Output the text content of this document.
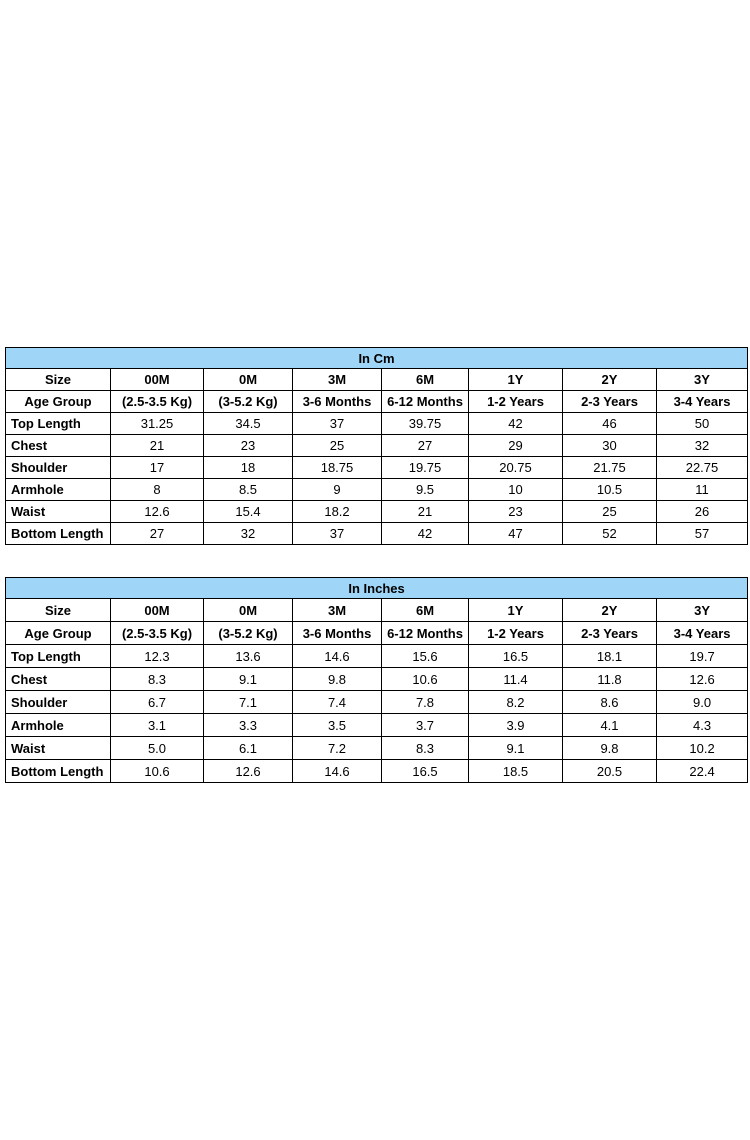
In Cm							
Size	00M	0M	3M	6M	1Y	2Y	3Y
Age Group	(2.5-3.5 Kg)	(3-5.2 Kg)	3-6 Months	6-12 Months	1-2 Years	2-3 Years	3-4 Years
Top Length	31.25	34.5	37	39.75	42	46	50
Chest	21	23	25	27	29	30	32
Shoulder	17	18	18.75	19.75	20.75	21.75	22.75
Armhole	8	8.5	9	9.5	10	10.5	11
Waist	12.6	15.4	18.2	21	23	25	26
Bottom Length	27	32	37	42	47	52	57
In Inches							
Size	00M	0M	3M	6M	1Y	2Y	3Y
Age Group	(2.5-3.5 Kg)	(3-5.2 Kg)	3-6 Months	6-12 Months	1-2 Years	2-3 Years	3-4 Years
Top Length	12.3	13.6	14.6	15.6	16.5	18.1	19.7
Chest	8.3	9.1	9.8	10.6	11.4	11.8	12.6
Shoulder	6.7	7.1	7.4	7.8	8.2	8.6	9.0
Armhole	3.1	3.3	3.5	3.7	3.9	4.1	4.3
Waist	5.0	6.1	7.2	8.3	9.1	9.8	10.2
Bottom Length	10.6	12.6	14.6	16.5	18.5	20.5	22.4
